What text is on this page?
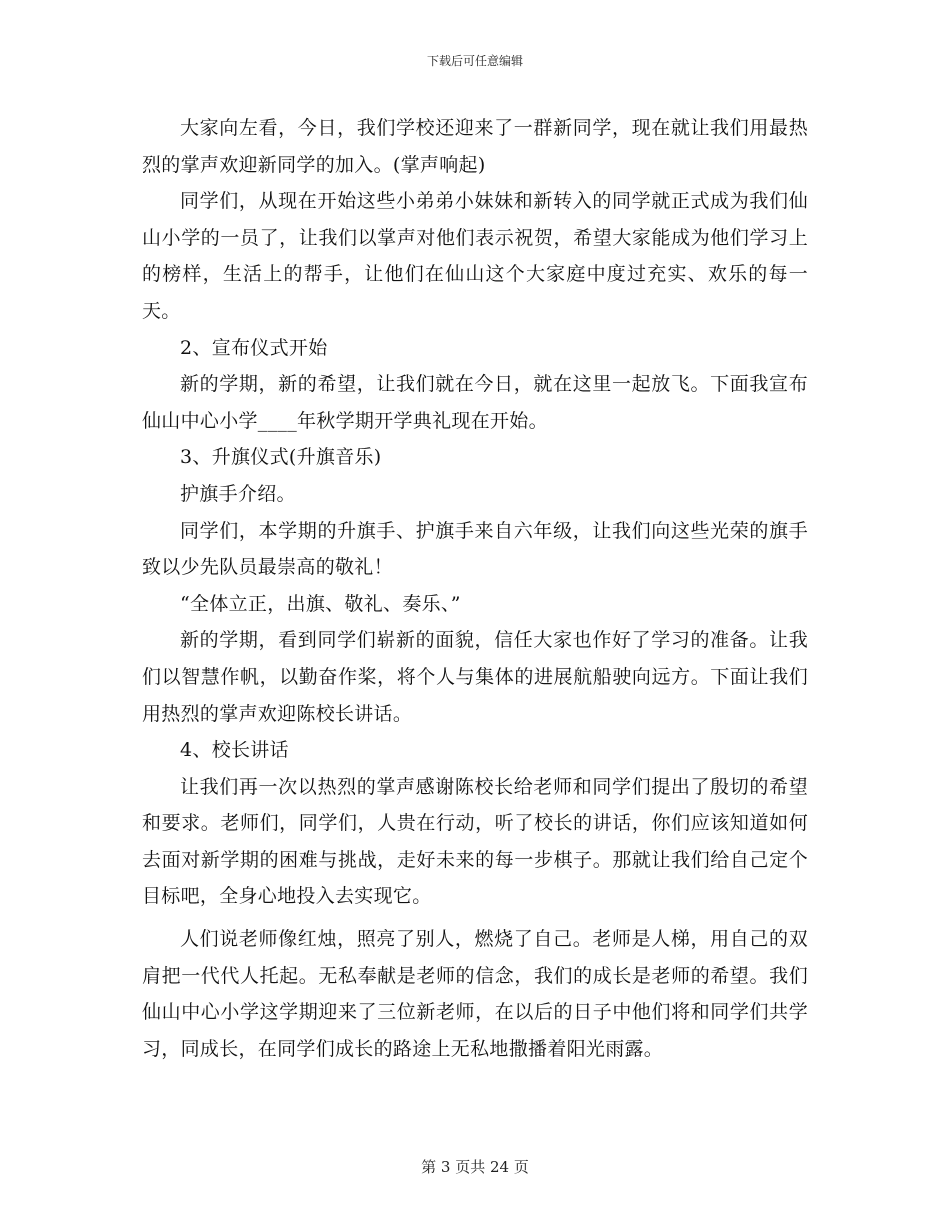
下载后可任意编辑

大家向左看，今日，我们学校还迎来了一群新同学，现在就让我们用最热烈的掌声欢迎新同学的加入。(掌声响起)

同学们，从现在开始这些小弟弟小妹妹和新转入的同学就正式成为我们仙山小学的一员了，让我们以掌声对他们表示祝贺，希望大家能成为他们学习上的榜样，生活上的帮手，让他们在仙山这个大家庭中度过充实、欢乐的每一天。

2、宣布仪式开始

新的学期，新的希望，让我们就在今日，就在这里一起放飞。下面我宣布仙山中心小学____年秋学期开学典礼现在开始。

3、升旗仪式(升旗音乐)

护旗手介绍。

同学们，本学期的升旗手、护旗手来自六年级，让我们向这些光荣的旗手致以少先队员最崇高的敬礼！

“全体立正，出旗、敬礼、奏乐、”

新的学期，看到同学们崭新的面貌，信任大家也作好了学习的准备。让我们以智慧作帆，以勤奋作桨，将个人与集体的进展航船驶向远方。下面让我们用热烈的掌声欢迎陈校长讲话。

4、校长讲话

让我们再一次以热烈的掌声感谢陈校长给老师和同学们提出了殷切的希望和要求。老师们，同学们，人贵在行动，听了校长的讲话，你们应该知道如何去面对新学期的困难与挑战，走好未来的每一步棋子。那就让我们给自己定个目标吧，全身心地投入去实现它。

人们说老师像红烛，照亮了别人，燃烧了自己。老师是人梯，用自己的双肩把一代代人托起。无私奉献是老师的信念，我们的成长是老师的希望。我们仙山中心小学这学期迎来了三位新老师，在以后的日子中他们将和同学们共学习，同成长，在同学们成长的路途上无私地撒播着阳光雨露。

第 3 页共 24 页
